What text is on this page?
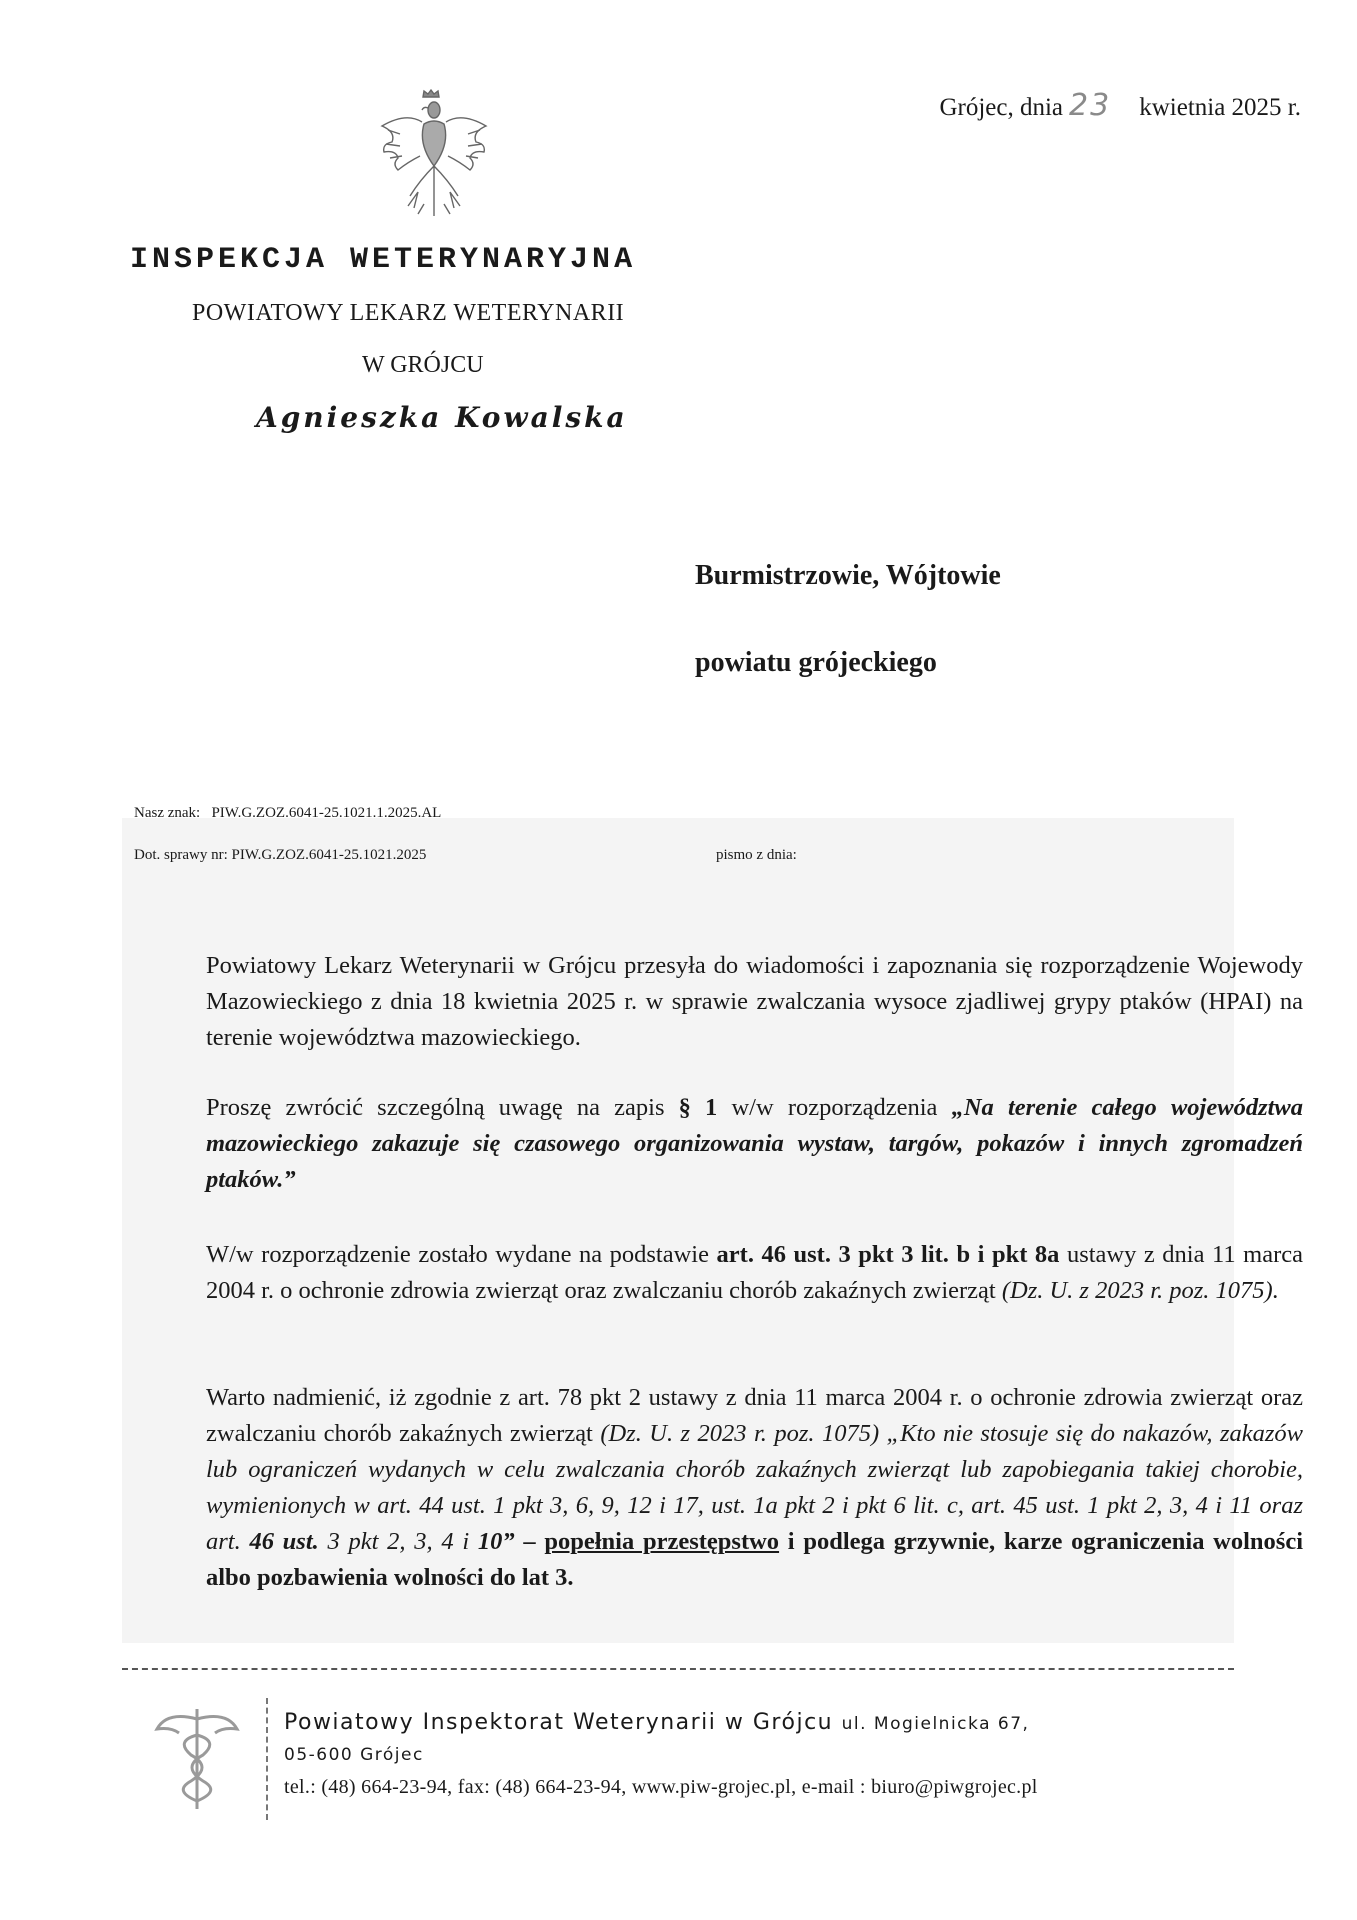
Grójec, dnia 23 kwietnia 2025 r.
INSPEKCJA WETERYNARYJNA
POWIATOWY LEKARZ WETERYNARII
W GRÓJCU
Agnieszka Kowalska
Burmistrzowie, Wójtowie
powiatu grójeckiego
Nasz znak:   PIW.G.ZOZ.6041-25.1021.1.2025.AL
Dot. sprawy nr: PIW.G.ZOZ.6041-25.1021.2025	pismo z dnia:
Powiatowy Lekarz Weterynarii w Grójcu przesyła do wiadomości i zapoznania się rozporządzenie Wojewody Mazowieckiego z dnia 18 kwietnia 2025 r. w sprawie zwalczania wysoce zjadliwej grypy ptaków (HPAI) na terenie województwa mazowieckiego.
Proszę zwrócić szczególną uwagę na zapis § 1 w/w rozporządzenia „Na terenie całego województwa mazowieckiego zakazuje się czasowego organizowania wystaw, targów, pokazów i innych zgromadzeń ptaków.”
W/w rozporządzenie zostało wydane na podstawie art. 46 ust. 3 pkt 3 lit. b i pkt 8a ustawy z dnia 11 marca 2004 r. o ochronie zdrowia zwierząt oraz zwalczaniu chorób zakaźnych zwierząt (Dz. U. z 2023 r. poz. 1075).
Warto nadmienić, iż zgodnie z art. 78 pkt 2 ustawy z dnia 11 marca 2004 r. o ochronie zdrowia zwierząt oraz zwalczaniu chorób zakaźnych zwierząt (Dz. U. z 2023 r. poz. 1075) „Kto nie stosuje się do nakazów, zakazów lub ograniczeń wydanych w celu zwalczania chorób zakaźnych zwierząt lub zapobiegania takiej chorobie, wymienionych w art. 44 ust. 1 pkt 3, 6, 9, 12 i 17, ust. 1a pkt 2 i pkt 6 lit. c, art. 45 ust. 1 pkt 2, 3, 4 i 11 oraz art. 46 ust. 3 pkt 2, 3, 4 i 10” – popełnia przestępstwo i podlega grzywnie, karze ograniczenia wolności albo pozbawienia wolności do lat 3.
Powiatowy Inspektorat Weterynarii w Grójcu ul. Mogielnicka 67,
05-600 Grójec
tel.: (48) 664-23-94, fax: (48) 664-23-94, www.piw-grojec.pl, e-mail : biuro@piwgrojec.pl
